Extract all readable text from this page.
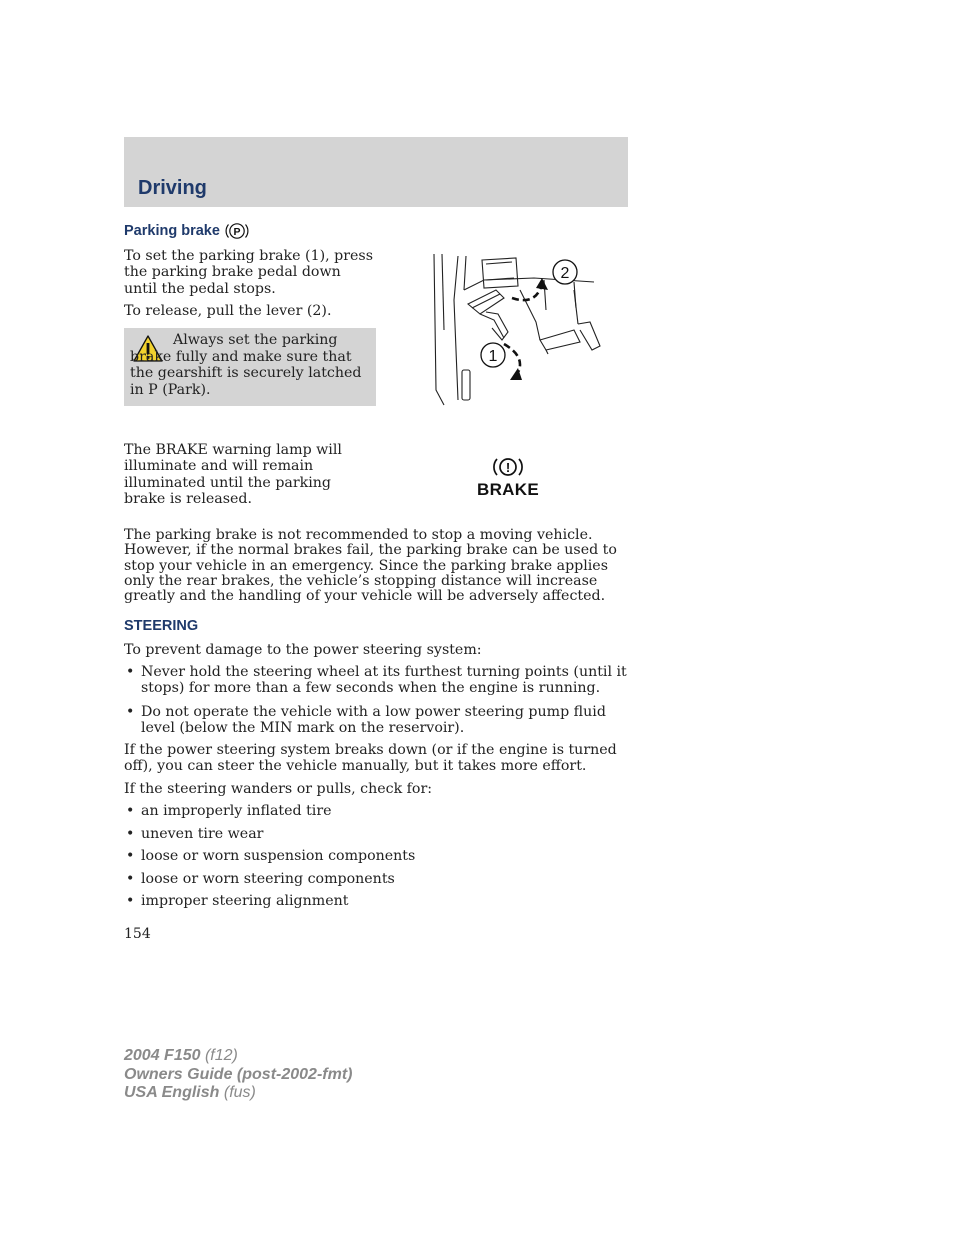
Driving
Parking brake P

To set the parking brake (1), press the parking brake pedal down until the pedal stops.

To release, pull the lever (2).

Always set the parking brake fully and make sure that the gearshift is securely latched in P (Park).

2
1

The BRAKE warning lamp will illuminate and will remain illuminated until the parking brake is released.

!
BRAKE

The parking brake is not recommended to stop a moving vehicle. However, if the normal brakes fail, the parking brake can be used to stop your vehicle in an emergency. Since the parking brake applies only the rear brakes, the vehicle’s stopping distance will increase greatly and the handling of your vehicle will be adversely affected.

STEERING

To prevent damage to the power steering system:

• Never hold the steering wheel at its furthest turning points (until it stops) for more than a few seconds when the engine is running.
• Do not operate the vehicle with a low power steering pump fluid level (below the MIN mark on the reservoir).

If the power steering system breaks down (or if the engine is turned off), you can steer the vehicle manually, but it takes more effort.

If the steering wanders or pulls, check for:

• an improperly inflated tire
• uneven tire wear
• loose or worn suspension components
• loose or worn steering components
• improper steering alignment

154

2004 F150 (f12)
Owners Guide (post-2002-fmt)
USA English (fus)
